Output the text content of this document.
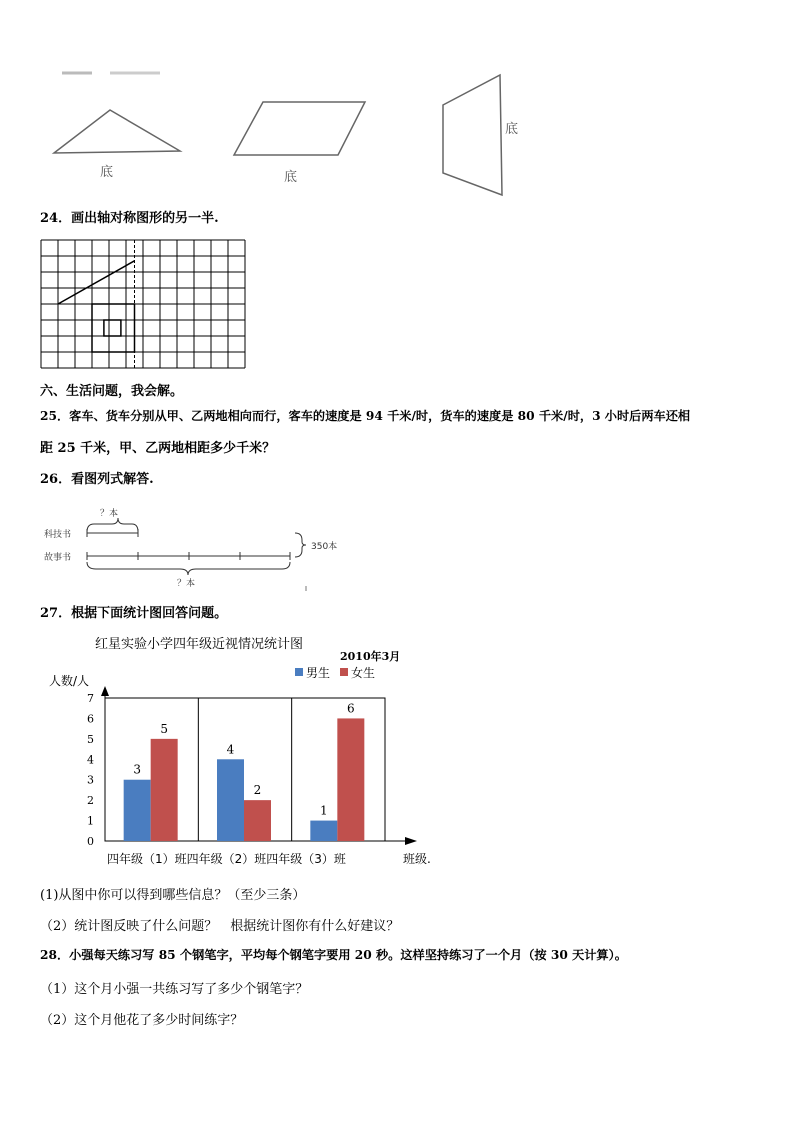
底	底
底
24．画出轴对称图形的另一半.
六、生活问题，我会解。
25．客车、货车分别从甲、乙两地相向而行，客车的速度是 94 千米/时，货车的速度是 80 千米/时，3 小时后两车还相
距 25 千米，甲、乙两地相距多少千米？
26．看图列式解答.
？本
科技书
故事书
350本
？本
27．根据下面统计图回答问题。
红星实验小学四年级近视情况统计图
2010年3月
人数/人
男生 女生
0
1
2
3
4
5
6
7
3
4
1
5
2
6
四年级（1）班四年级（2）班四年级（3）班	班级.
(1)从图中你可以得到哪些信息？（至少三条）
（2）统计图反映了什么问题？　根据统计图你有什么好建议？
28．小强每天练习写 85 个钢笔字，平均每个钢笔字要用 20 秒。这样坚持练习了一个月（按 30 天计算）。
（1）这个月小强一共练习写了多少个钢笔字？
（2）这个月他花了多少时间练字？
